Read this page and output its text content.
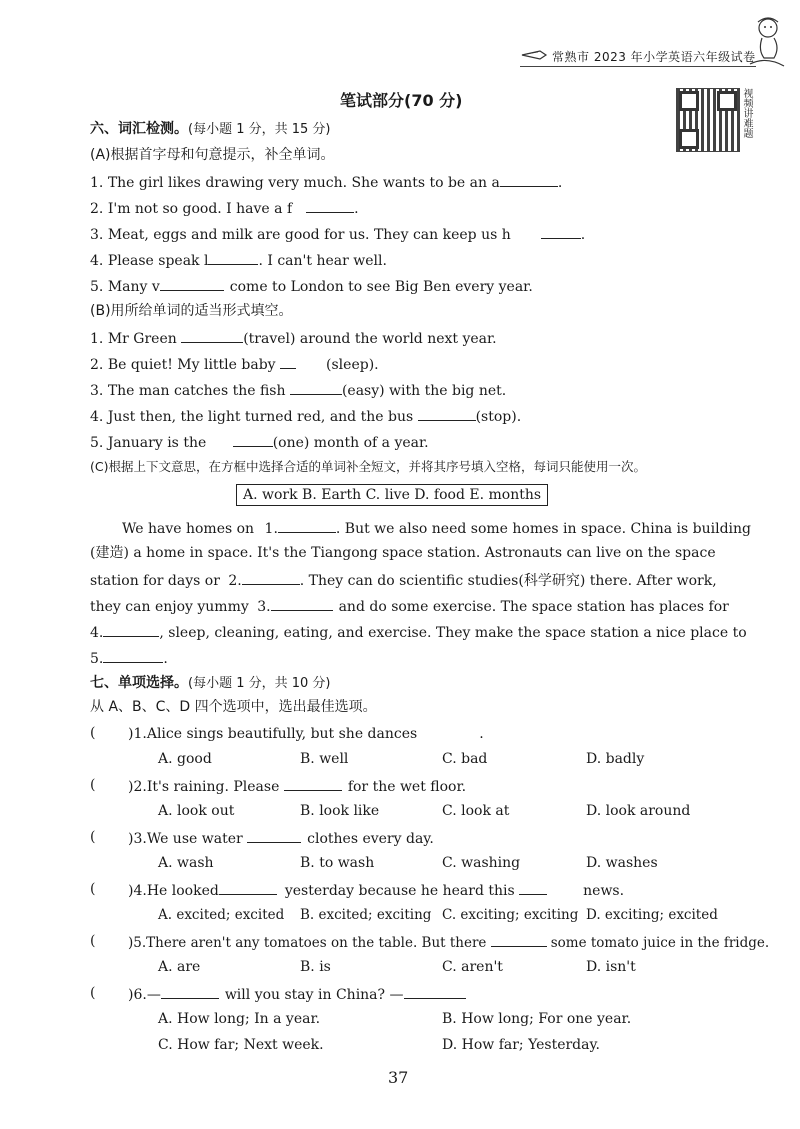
常熟市 2023 年小学英语六年级试卷
视频讲难题
笔试部分(70 分)
六、词汇检测。(每小题 1 分，共 15 分)
(A)根据首字母和句意提示，补全单词。
1. The girl likes drawing very much. She wants to be an a	.
2. I'm not so good. I have a f	.
3. Meat, eggs and milk are good for us. They can keep us h	.
4. Please speak l	. I can't hear well.
5. Many v	come to London to see Big Ben every year.
(B)用所给单词的适当形式填空。
1. Mr Green	(travel) around the world next year.
2. Be quiet! My little baby	(sleep).
3. The man catches the fish	(easy) with the big net.
4. Just then, the light turned red, and the bus	(stop).
5. January is the	(one) month of a year.
(C)根据上下文意思，在方框中选择合适的单词补全短文，并将其序号填入空格，每词只能使用一次。
A. work B. Earth C. live D. food E. months
We have homes on 1.	. But we also need some homes in space. China is building
(建造) a home in space. It's the Tiangong space station. Astronauts can live on the space
station for days or 2.	. They can do scientific studies(科学研究) there. After work,
they can enjoy yummy 3.	and do some exercise. The space station has places for
4.	, sleep, cleaning, eating, and exercise. They make the space station a nice place to
5.	.
七、单项选择。(每小题 1 分，共 10 分)
从 A、B、C、D 四个选项中，选出最佳选项。
( )1.Alice sings beautifully, but she dances	.
A. good	B. well	C. bad	D. badly
( )2.It's raining. Please	for the wet floor.
A. look out	B. look like	C. look at	D. look around
( )3.We use water	clothes every day.
A. wash	B. to wash	C. washing	D. washes
( )4.He looked	yesterday because he heard this	news.
A. excited; excited B. excited; exciting C. exciting; exciting D. exciting; excited
( )5.There aren't any tomatoes on the table. But there	some tomato juice in the fridge.
A. are	B. is	C. aren't	D. isn't
( )6.—	will you stay in China? —
A. How long; In a year.	B. How long; For one year.
C. How far; Next week.	D. How far; Yesterday.
37
